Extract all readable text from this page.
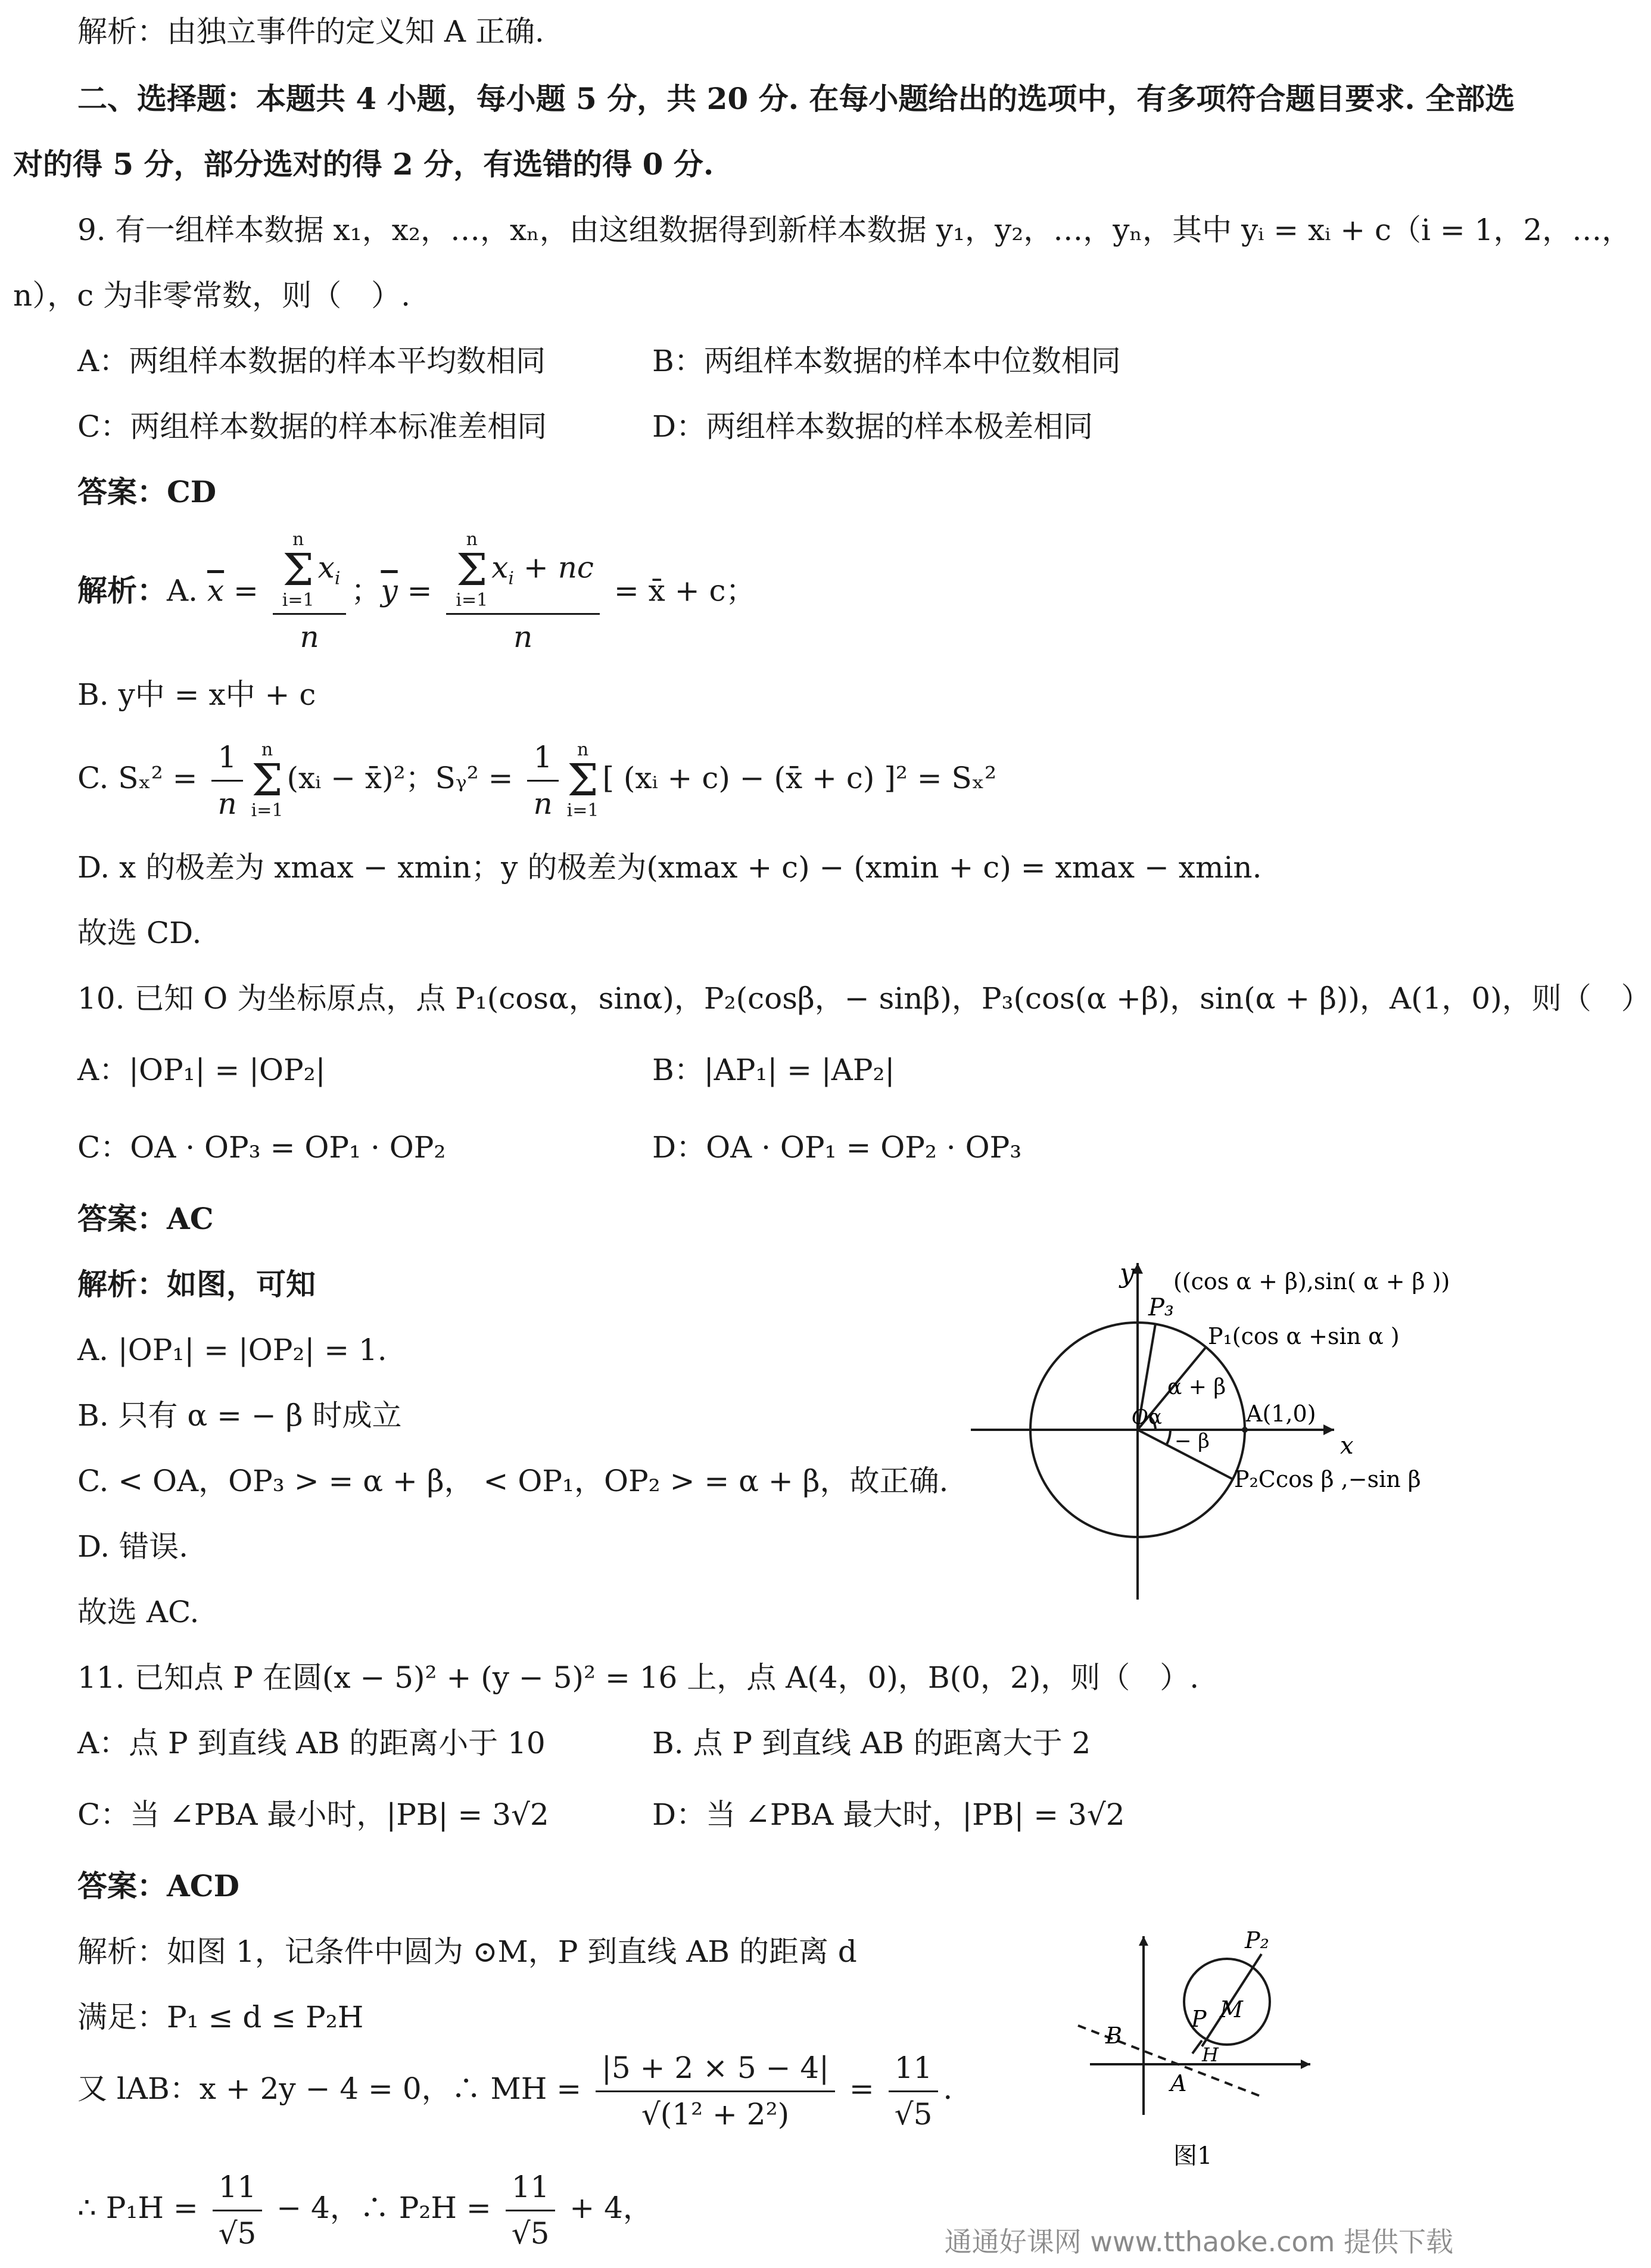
解析：由独立事件的定义知 A 正确.
二、选择题：本题共 4 小题，每小题 5 分，共 20 分. 在每小题给出的选项中，有多项符合题目要求. 全部选
对的得 5 分，部分选对的得 2 分，有选错的得 0 分.
9. 有一组样本数据 x₁，x₂，…，xₙ，由这组数据得到新样本数据 y₁，y₂，…，yₙ，其中 yᵢ = xᵢ + c（i = 1，2，…，
n），c 为非零常数，则（　）.
A：两组样本数据的样本平均数相同	B：两组样本数据的样本中位数相同
C：两组样本数据的样本标准差相同	D：两组样本数据的样本极差相同
答案：CD
解析：A. $\overline{x} = n$
Σ
$i=1x_i$
n ；$\overline{y} = n$
Σ
$i=1x_i$ + nc
n = x̄ + c；
B. y中 = x中 + c
C. $S_x^2 = \frac{1}{n}$ n
Σ
i=1(xᵢ − x̄)²；Sᵧ² = $\frac{1}{n}$ n
Σ
i=1[ (xᵢ + c) − (x̄ + c) ]² = Sₓ²
D. x 的极差为 xmax − xmin；y 的极差为(xmax + c) − (xmin + c) = xmax − xmin.
故选 CD.
10. 已知 O 为坐标原点，点 P₁(cosα，sinα)，P₂(cosβ，− sinβ)，P₃(cos(α +β)，sin(α + β))，A(1，0)，则（　）
A：|OP₁| = |OP₂|	B：|AP₁| = |AP₂|
C：OA · OP₃ = OP₁ · OP₂	D：OA · OP₁ = OP₂ · OP₃
答案：AC
解析：如图，可知
A. |OP₁| = |OP₂| = 1.
B. 只有 α = − β 时成立
C. < OA，OP₃ > = α + β， < OP₁，OP₂ > = α + β，故正确.
D. 错误.
故选 AC.
y
x
P₃
((cos α + β),sin( α + β ))
P₁(cos α +sin α )
α + β
α
− β
O	A(1,0)
P₂Ccos β ,−sin β
11. 已知点 P 在圆(x − 5)² + (y − 5)² = 16 上，点 A(4，0)，B(0，2)，则（　）.
A：点 P 到直线 AB 的距离小于 10	B. 点 P 到直线 AB 的距离大于 2
C：当 ∠PBA 最小时，|PB| = 3√2	D：当 ∠PBA 最大时，|PB| = 3√2
答案：ACD
解析：如图 1，记条件中圆为 ⊙M，P 到直线 AB 的距离 d
满足：P₁ ≤ d ≤ P₂H
又 lAB：x + 2y − 4 = 0，∴ MH = $\frac{|5 + 2 \times 5 - 4|}{\text{√(1² + 2²)}} = \frac{11}{√5}$ .
∴ $P_1H = \frac{11}{√5} - 4$，∴ $P_2H = \frac{11}{√5} + 4$，
P₂
P M
H
B
A
图1
通通好课网 www.tthaoke.com 提供下载
